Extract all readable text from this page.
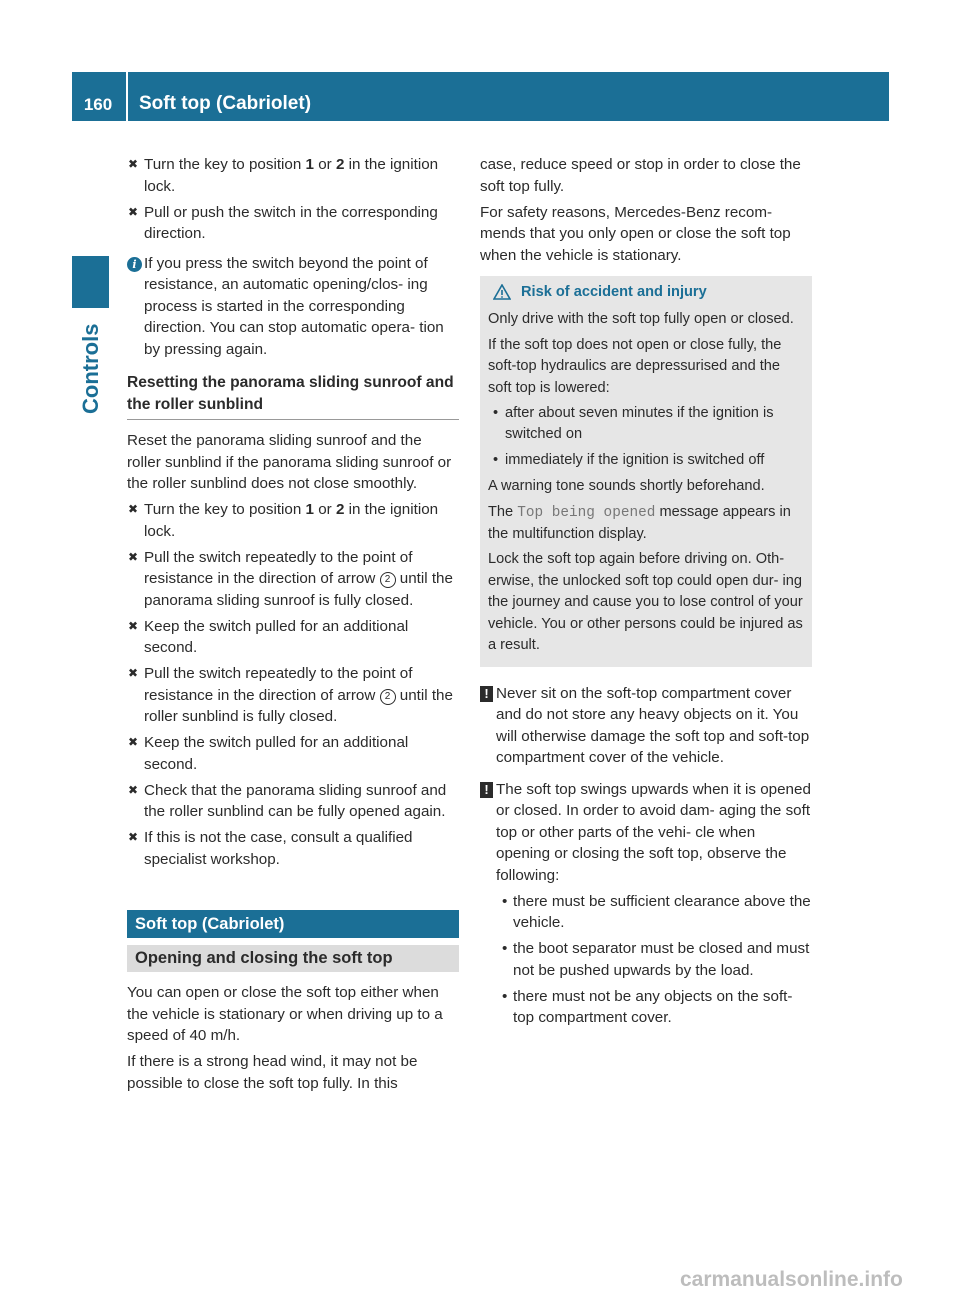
160	Soft top (Cabriolet)
Controls
✖ Turn the key to position 1 or 2 in the ignition lock.
✖ Pull or push the switch in the corresponding direction.
i If you press the switch beyond the point of resistance, an automatic opening/clos- ing process is started in the corresponding direction. You can stop automatic opera- tion by pressing again.
Resetting the panorama sliding sunroof and the roller sunblind

Reset the panorama sliding sunroof and the roller sunblind if the panorama sliding sunroof or the roller sunblind does not close smoothly.

✖ Turn the key to position 1 or 2 in the ignition lock.
✖ Pull the switch repeatedly to the point of resistance in the direction of arrow 2 until the panorama sliding sunroof is fully closed.
✖ Keep the switch pulled for an additional second.
✖ Pull the switch repeatedly to the point of resistance in the direction of arrow 2 until the roller sunblind is fully closed.
✖ Keep the switch pulled for an additional second.
✖ Check that the panorama sliding sunroof and the roller sunblind can be fully opened again.
✖ If this is not the case, consult a qualified specialist workshop.
Soft top (Cabriolet)
Opening and closing the soft top

You can open or close the soft top either when the vehicle is stationary or when driving up to a speed of 40 m/h.

If there is a strong head wind, it may not be possible to close the soft top fully. In this

case, reduce speed or stop in order to close the soft top fully.

For safety reasons, Mercedes-Benz recom- mends that you only open or close the soft top when the vehicle is stationary.

Risk of accident and injury

Only drive with the soft top fully open or closed.

If the soft top does not open or close fully, the soft-top hydraulics are depressurised and the soft top is lowered:

• after about seven minutes if the ignition is switched on
• immediately if the ignition is switched off

A warning tone sounds shortly beforehand.

The Top being opened message appears in the multifunction display.

Lock the soft top again before driving on. Oth- erwise, the unlocked soft top could open dur- ing the journey and cause you to lose control of your vehicle. You or other persons could be injured as a result.

! Never sit on the soft-top compartment cover and do not store any heavy objects on it. You will otherwise damage the soft top and soft-top compartment cover of the vehicle.
! The soft top swings upwards when it is opened or closed. In order to avoid dam- aging the soft top or other parts of the vehi- cle when opening or closing the soft top, observe the following:
• there must be sufficient clearance above the vehicle.
• the boot separator must be closed and must not be pushed upwards by the load.
• there must not be any objects on the soft-top compartment cover.
carmanualsonline.info
